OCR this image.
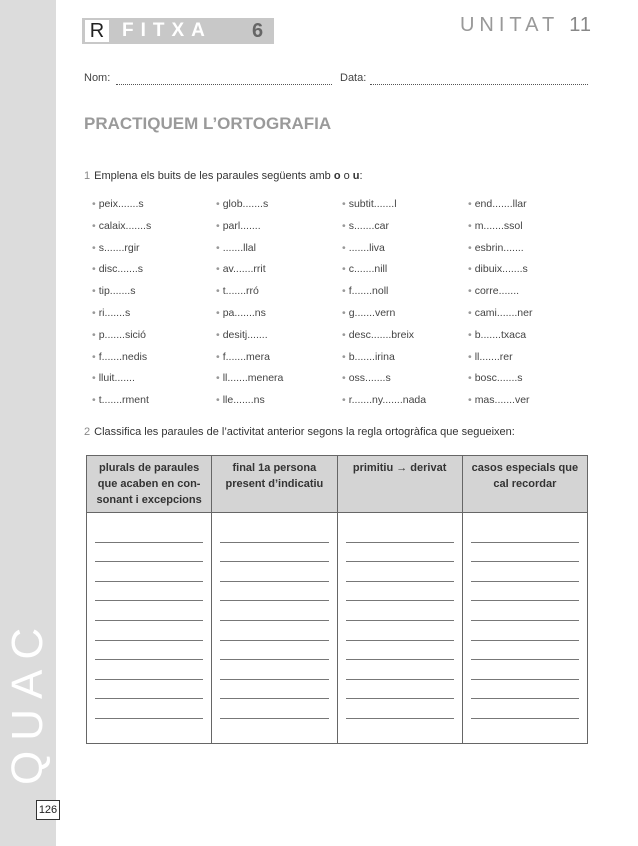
QUAC
126
R FITXA 6	UNITAT 11
Nom:	Data:
PRACTIQUEM L’ORTOGRAFIA
1 Emplena els buits de les paraules següents amb o o u:
• peix.......s
• calaix.......s
• s.......rgir
• disc.......s
• tip.......s
• ri.......s
• p.......sició
• f.......nedis
• lluit.......
• t.......rment
• glob.......s
• parl.......
• .......llal
• av.......rrit
• t.......rró
• pa.......ns
• desitj.......
• f.......mera
• ll.......menera
• lle.......ns
• subtit.......l
• s.......car
• .......liva
• c.......nill
• f.......noll
• g.......vern
• desc.......breix
• b.......irina
• oss.......s
• r.......ny.......nada
• end.......llar
• m.......ssol
• esbrin.......
• dibuix.......s
• corre.......
• cami.......ner
• b.......txaca
• ll.......rer
• bosc.......s
• mas.......ver
2 Classifica les paraules de l’activitat anterior segons la regla ortogràfica que segueixen:
plurals de paraules que acaben en con- sonant i excepcions	final 1a persona present d’indicatiu	primitiu → derivat	casos especials que cal recordar
